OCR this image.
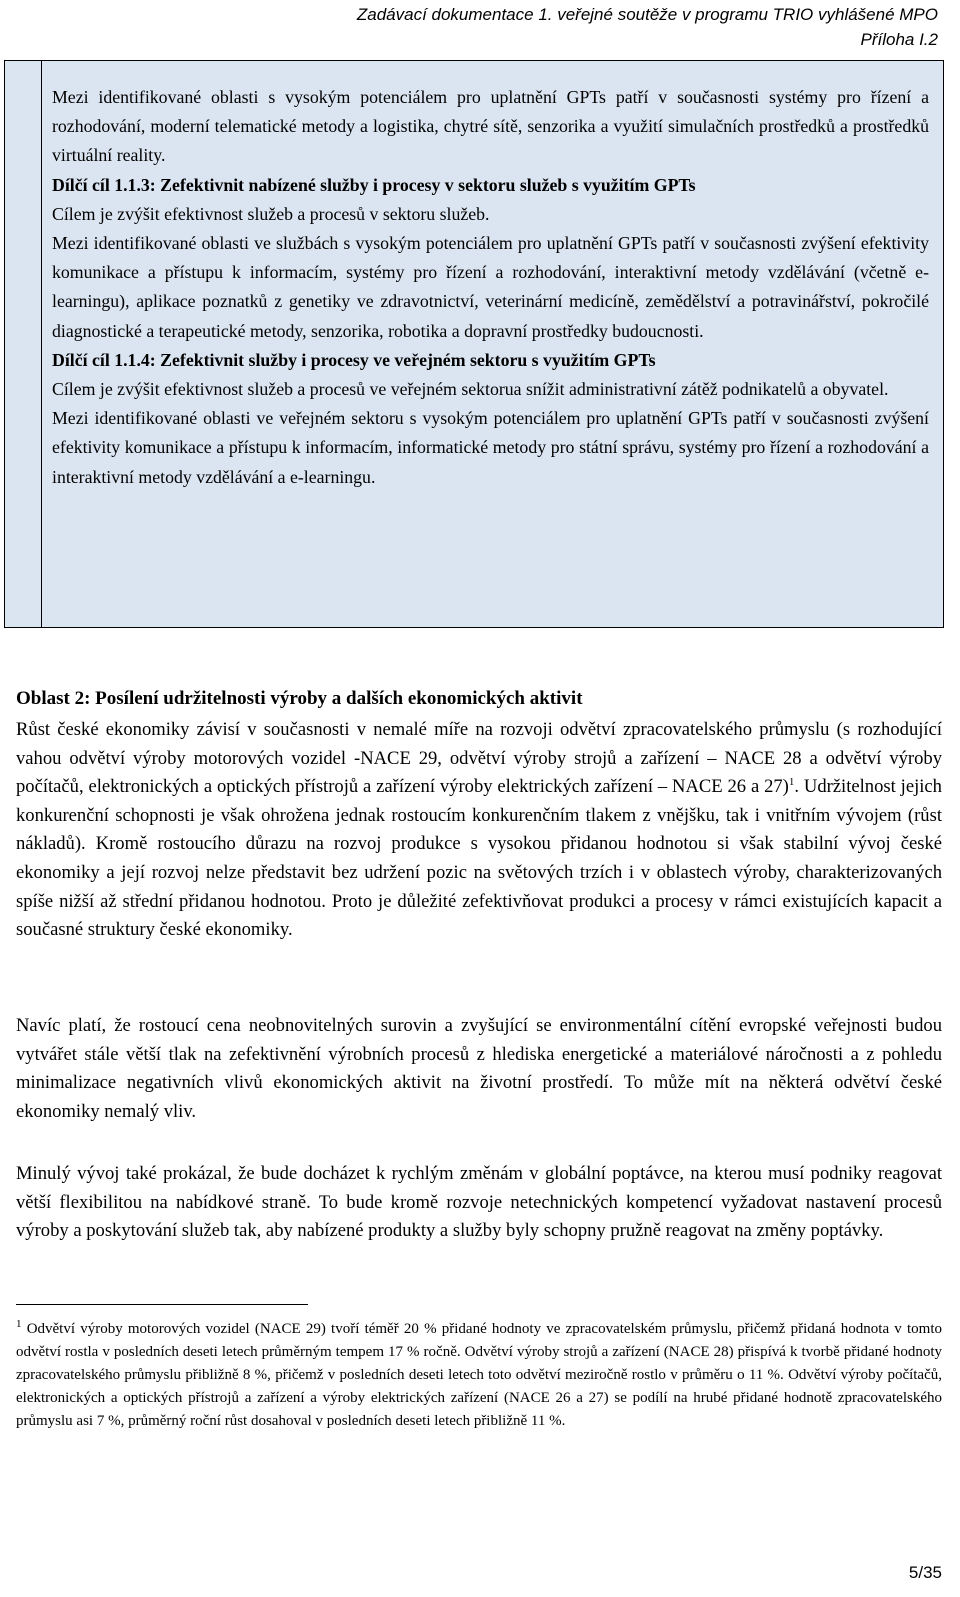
Zadávací dokumentace 1. veřejné soutěže v programu TRIO vyhlášené MPO
Příloha I.2

Mezi identifikované oblasti s vysokým potenciálem pro uplatnění GPTs patří v současnosti systémy pro řízení a rozhodování, moderní telematické metody a logistika, chytré sítě, senzorika a využití simulačních prostředků a prostředků virtuální reality.

Dílčí cíl 1.1.3: Zefektivnit nabízené služby i procesy v sektoru služeb s využitím GPTs

Cílem je zvýšit efektivnost služeb a procesů v sektoru služeb.

Mezi identifikované oblasti ve službách s vysokým potenciálem pro uplatnění GPTs patří v současnosti zvýšení efektivity komunikace a přístupu k informacím, systémy pro řízení a rozhodování, interaktivní metody vzdělávání (včetně e-learningu), aplikace poznatků z genetiky ve zdravotnictví, veterinární medicíně, zemědělství a potravinářství, pokročilé diagnostické a terapeutické metody, senzorika, robotika a dopravní prostředky budoucnosti.

Dílčí cíl 1.1.4: Zefektivnit služby i procesy ve veřejném sektoru s využitím GPTs

Cílem je zvýšit efektivnost služeb a procesů ve veřejném sektorua snížit administrativní zátěž podnikatelů a obyvatel.

Mezi identifikované oblasti ve veřejném sektoru s vysokým potenciálem pro uplatnění GPTs patří v současnosti zvýšení efektivity komunikace a přístupu k informacím, informatické metody pro státní správu, systémy pro řízení a rozhodování a interaktivní metody vzdělávání a e-learningu.

Oblast 2: Posílení udržitelnosti výroby a dalších ekonomických aktivit

Růst české ekonomiky závisí v současnosti v nemalé míře na rozvoji odvětví zpracovatelského průmyslu (s rozhodující vahou odvětví výroby motorových vozidel -NACE 29, odvětví výroby strojů a zařízení – NACE 28 a odvětví výroby počítačů, elektronických a optických přístrojů a zařízení výroby elektrických zařízení – NACE 26 a 27)$^1$. Udržitelnost jejich konkurenční schopnosti je však ohrožena jednak rostoucím konkurenčním tlakem z vnějšku, tak i vnitřním vývojem (růst nákladů). Kromě rostoucího důrazu na rozvoj produkce s vysokou přidanou hodnotou si však stabilní vývoj české ekonomiky a její rozvoj nelze představit bez udržení pozic na světových trzích i v oblastech výroby, charakterizovaných spíše nižší až střední přidanou hodnotou. Proto je důležité zefektivňovat produkci a procesy v rámci existujících kapacit a současné struktury české ekonomiky.

Navíc platí, že rostoucí cena neobnovitelných surovin a zvyšující se environmentální cítění evropské veřejnosti budou vytvářet stále větší tlak na zefektivnění výrobních procesů z hlediska energetické a materiálové náročnosti a z pohledu minimalizace negativních vlivů ekonomických aktivit na životní prostředí. To může mít na některá odvětví české ekonomiky nemalý vliv.

Minulý vývoj také prokázal, že bude docházet k rychlým změnám v globální poptávce, na kterou musí podniky reagovat větší flexibilitou na nabídkové straně. To bude kromě rozvoje netechnických kompetencí vyžadovat nastavení procesů výroby a poskytování služeb tak, aby nabízené produkty a služby byly schopny pružně reagovat na změny poptávky.

$^1$ Odvětví výroby motorových vozidel (NACE 29) tvoří téměř 20 % přidané hodnoty ve zpracovatelském průmyslu, přičemž přidaná hodnota v tomto odvětví rostla v posledních deseti letech průměrným tempem 17 % ročně. Odvětví výroby strojů a zařízení (NACE 28) přispívá k tvorbě přidané hodnoty zpracovatelského průmyslu přibližně 8 %, přičemž v posledních deseti letech toto odvětví meziročně rostlo v průměru o 11 %. Odvětví výroby počítačů, elektronických a optických přístrojů a zařízení a výroby elektrických zařízení (NACE 26 a 27) se podílí na hrubé přidané hodnotě zpracovatelského průmyslu asi 7 %, průměrný roční růst dosahoval v posledních deseti letech přibližně 11 %.

5/35
